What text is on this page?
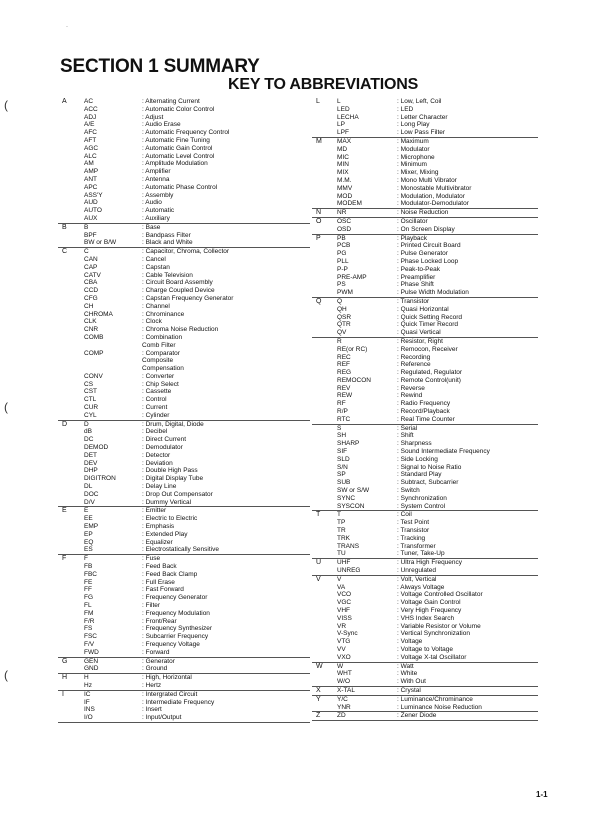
SECTION 1 SUMMARY
KEY TO ABBREVIATIONS
A	AC	: Alternating Current
ACC	: Automatic Color Control
ADJ	: Adjust
A/E	: Audio Erase
AFC	: Automatic Frequency Control
AFT	: Automatic Fine Tuning
AGC	: Automatic Gain Control
ALC	: Automatic Level Control
AM	: Amplitude Modulation
AMP	: Amplifier
ANT	: Antenna
APC	: Automatic Phase Control
ASS'Y	: Assembly
AUD	: Audio
AUTO	: Automatic
AUX	: Auxiliary
B	B	: Base
BPF	: Bandpass Filter
BW or B/W	: Black and White
C	C	: Capacitor, Chroma, Collector
CAN	: Cancel
CAP	: Capstan
CATV	: Cable Television
CBA	: Circuit Board Assembly
CCD	: Charge Coupled Device
CFG	: Capstan Frequency Generator
CH	: Channel
CHROMA	: Chrominance
CLK	: Clock
CNR	: Chroma Noise Reduction
COMB	: Combination
Comb Filter
COMP	: Comparator
Composite
Compensation
CONV	: Converter
CS	: Chip Select
CST	: Cassette
CTL	: Control
CUR	: Current
CYL	: Cylinder
D	D	: Drum, Digital, Diode
dB	: Decibel
DC	: Direct Current
DEMOD	: Demodulator
DET	: Detector
DEV	: Deviation
DHP	: Double High Pass
DIGITRON	: Digital Display Tube
DL	: Delay Line
DOC	: Drop Out Compensator
D/V	: Dummy Vertical
E	E	: Emitter
EE	: Electric to Electric
EMP	: Emphasis
EP	: Extended Play
EQ	: Equalizer
ES	: Electrostatically Sensitive
F	F	: Fuse
FB	: Feed Back
FBC	: Feed Back Clamp
FE	: Full Erase
FF	: Fast Forward
FG	: Frequency Generator
FL	: Filter
FM	: Frequency Modulation
F/R	: Front/Rear
FS	: Frequency Synthesizer
FSC	: Subcarrier Frequency
F/V	: Frequency Voltage
FWD	: Forward
G	GEN	: Generator
GND	: Ground
H	H	: High, Horizontal
Hz	: Hertz
I	IC	: Intergrated Circuit
IF	: Intermediate Frequency
INS	: Insert
I/O	: Input/Output
L	L	: Low, Left, Coil
LED	: LED
LECHA	: Letter Character
LP	: Long Play
LPF	: Low Pass Filter
M MAX	: Maximum
MD	: Modulator
MIC	: Microphone
MIN	: Minimum
MIX	: Mixer, Mixing
M.M.	: Mono Multi Vibrator
MMV	: Monostable Multivibrator
MOD	: Modulation, Modulator
MODEM	: Modulator-Demodulator
N NR	: Noise Reduction
O OSC	: Oscillator
OSD	: On Screen Display
P	PB	: Playback
PCB	: Printed Circuit Board
PG	: Pulse Generator
PLL	: Phase Locked Loop
P-P	: Peak-to-Peak
PRE-AMP	: Preamplifier
PS	: Phase Shift
PWM	: Pulse Width Modulation
Q Q	: Transistor
QH	: Quasi Horizontal
QSR	: Quick Setting Record
QTR	: Quick Timer Record
QV	: Quasi Vertical
R	: Resistor, Right
RE(or RC)	: Remocon, Receiver
REC	: Recording
REF	: Reference
REG	: Regulated, Regulator
REMOCON	: Remote Control(unit)
REV	: Reverse
REW	: Rewind
RF	: Radio Frequency
R/P	: Record/Playback
RTC	: Real Time Counter
S	: Serial
SH	: Shift
SHARP	: Sharpness
SIF	: Sound Intermediate Frequency
SLD	: Side Locking
S/N	: Signal to Noise Ratio
SP	: Standard Play
SUB	: Subtract, Subcarrier
SW or S/W	: Switch
SYNC	: Synchronization
SYSCON	: System Control
T	T	: Coil
TP	: Test Point
TR	: Transistor
TRK	: Tracking
TRANS	: Transformer
TU	: Tuner, Take-Up
U UHF	: Ultra High Frequency
UNREG	: Unregulated
V	V	: Volt, Vertical
VA	: Always Voltage
VCO	: Voltage Controlled Oscillator
VGC	: Voltage Gain Control
VHF	: Very High Frequency
VISS	: VHS Index Search
VR	: Variable Resistor or Volume
V-Sync	: Vertical Synchronization
VTG	: Voltage
VV	: Voltage to Voltage
VXO	: Voltage X-tal Oscillator
W W	: Watt
WHT	: White
W/O	: With Out
X	X-TAL	: Crystal
Y	Y/C	: Luminance/Chrominance
YNR	: Luminance Noise Reduction
Z	ZD	: Zener Diode
1-1
(
(
(
·
